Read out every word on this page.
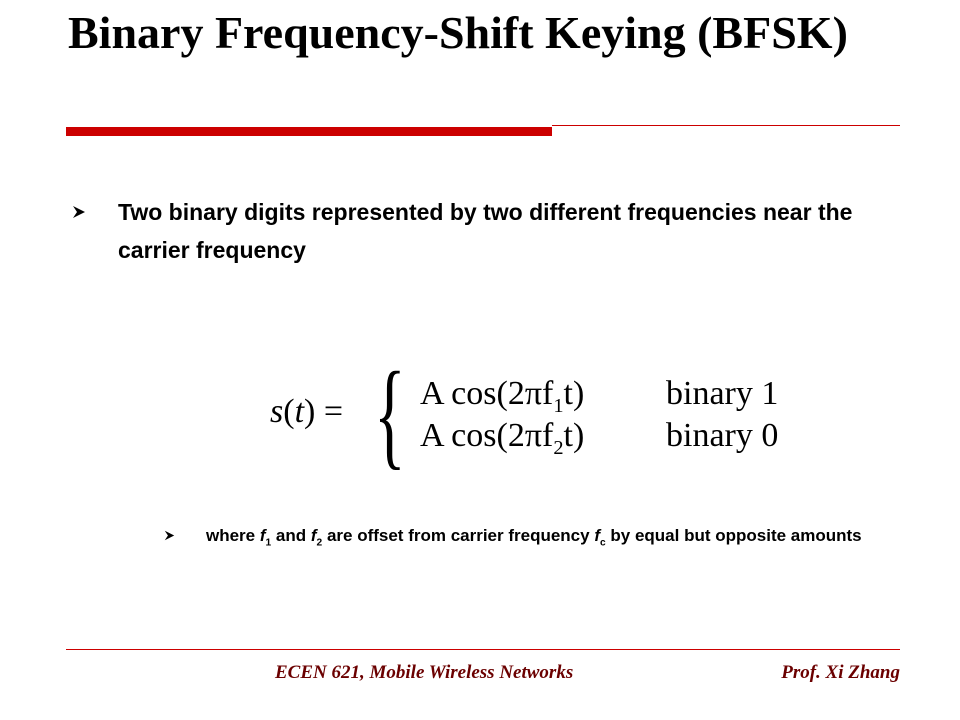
Binary Frequency-Shift Keying (BFSK)
Two binary digits represented by two different frequencies near the carrier frequency
s(t) = { A $\cos(2\pi f_1t)$ binary 1
A $\cos(2\pi f_2t)$ binary 0
where $f_1$ and $f_2$ are offset from carrier frequency $f_c$ by equal but opposite amounts
ECEN 621, Mobile Wireless Networks	Prof. Xi Zhang
